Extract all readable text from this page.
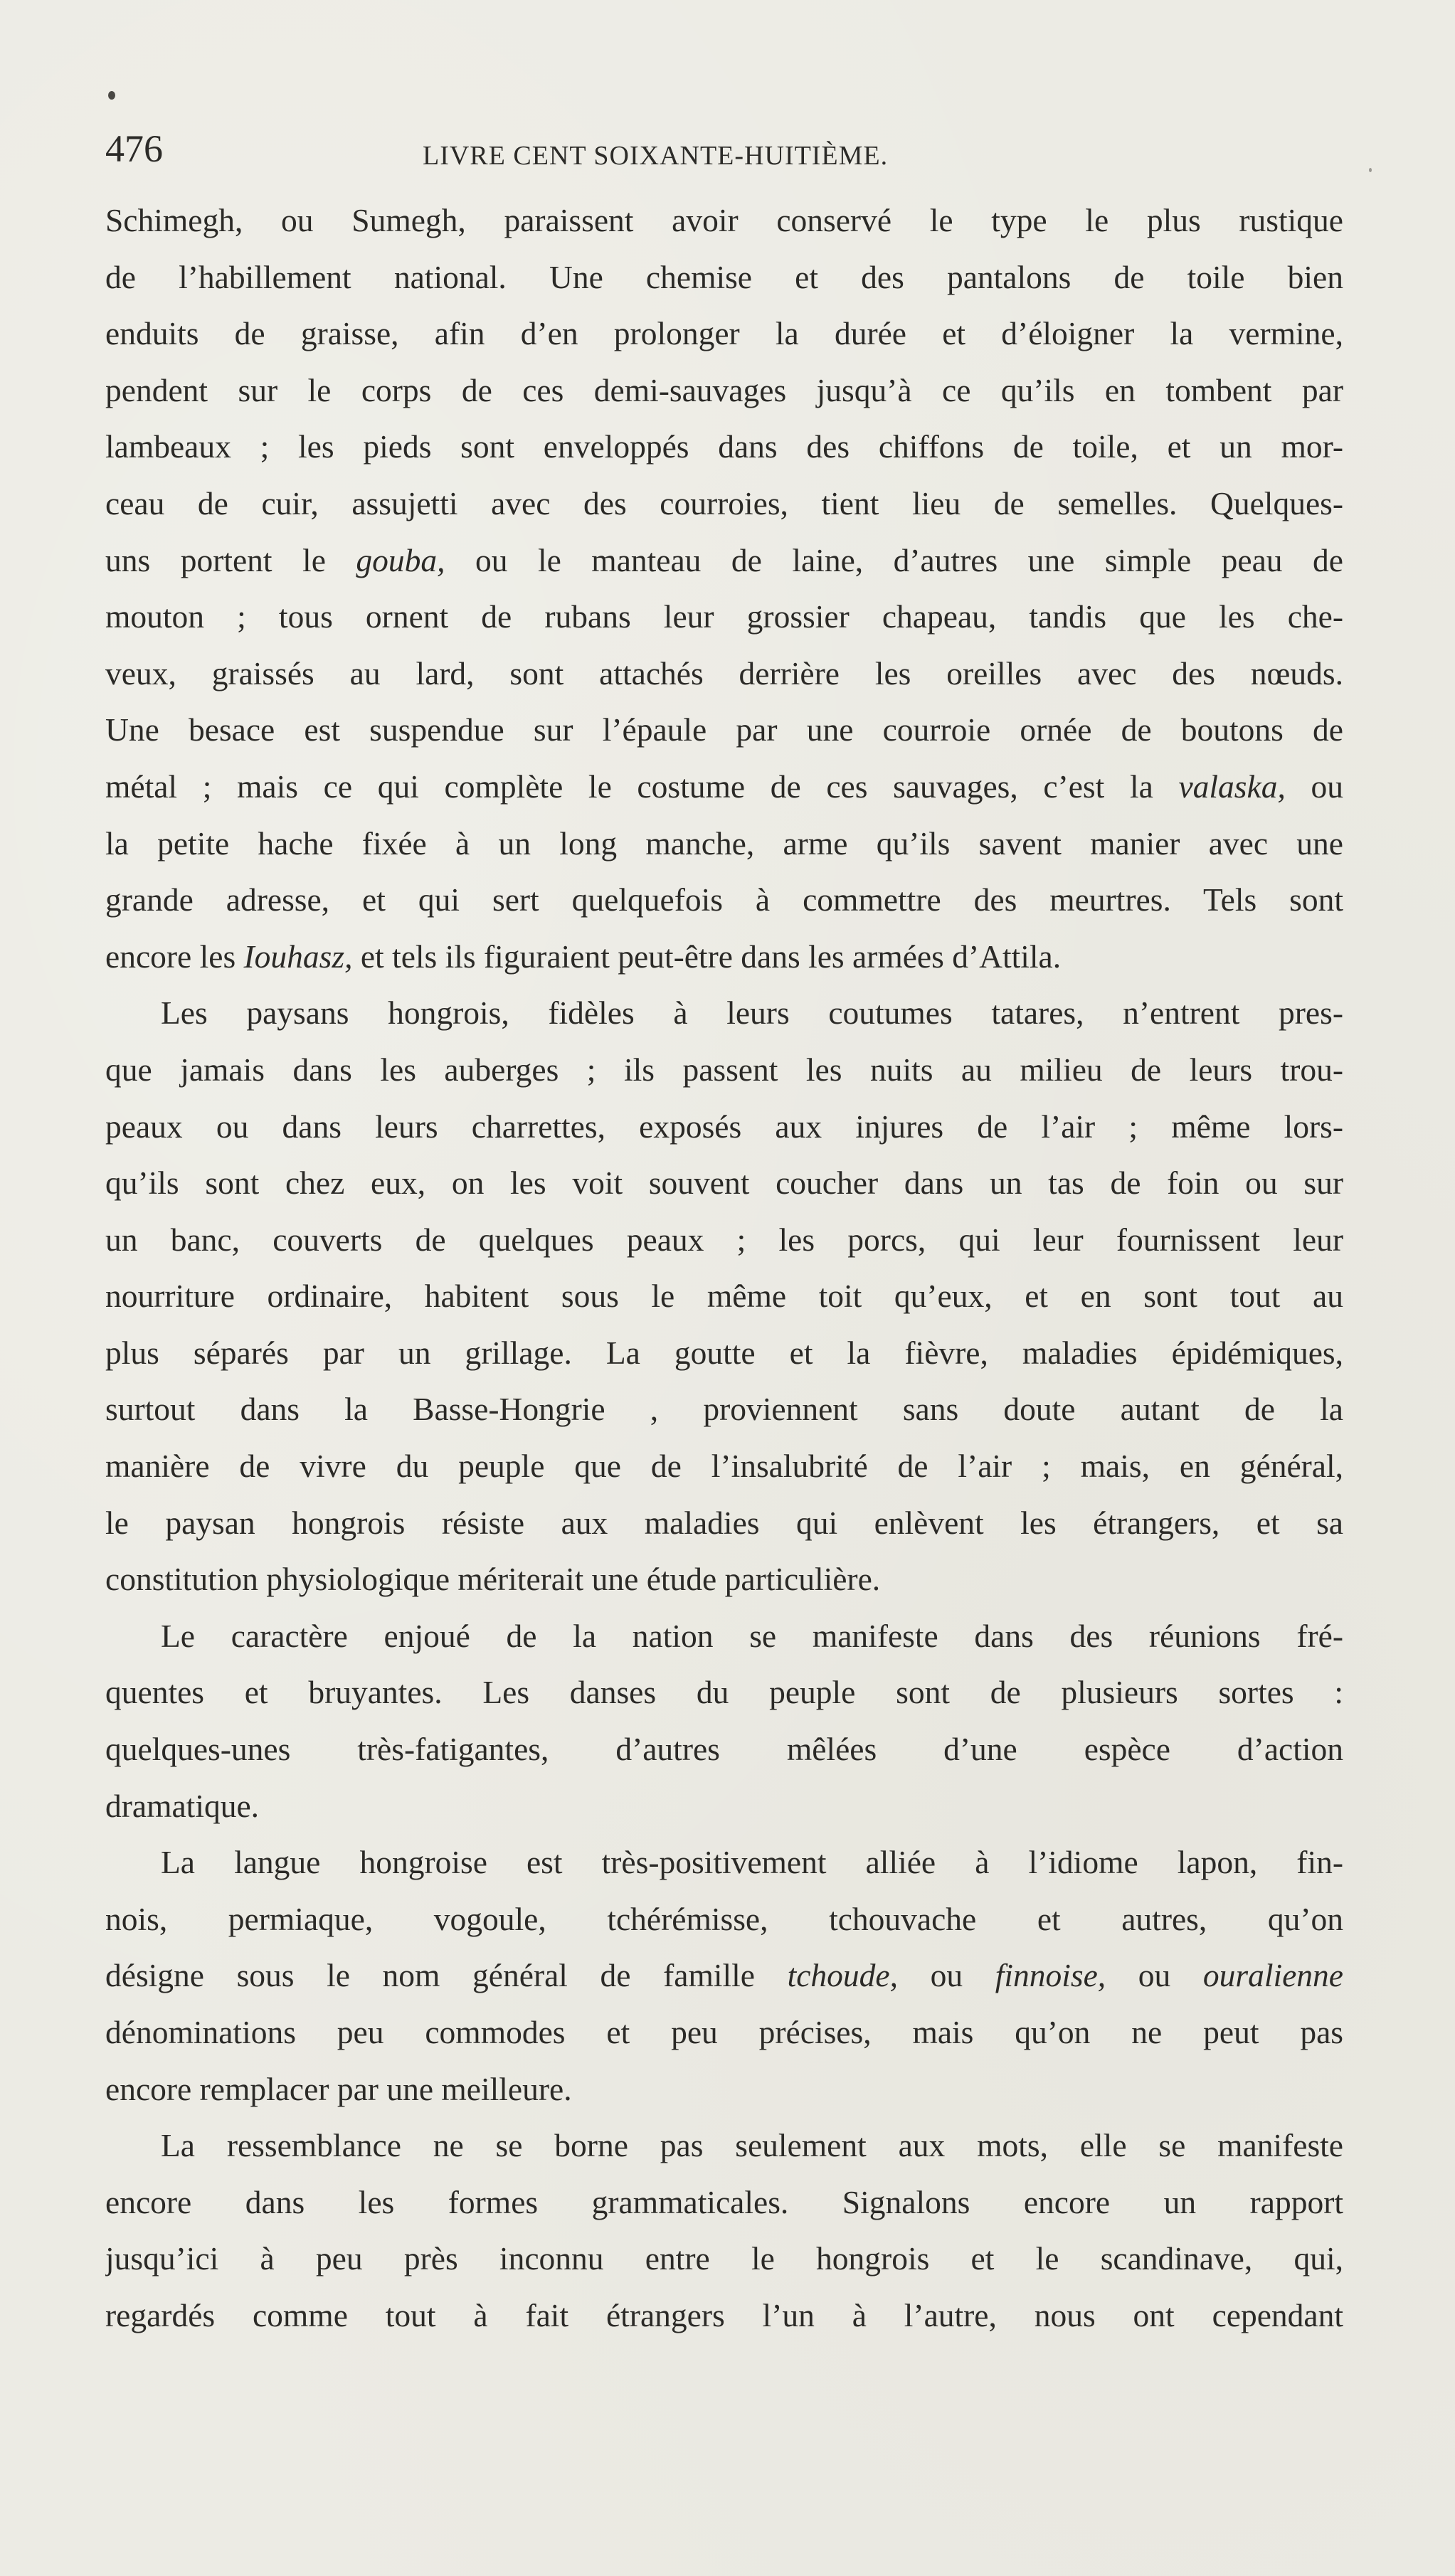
476	LIVRE CENT SOIXANTE-HUITIÈME.
Schimegh, ou Sumegh, paraissent avoir conservé le type le plus rustique
de l’habillement national. Une chemise et des pantalons de toile bien
enduits de graisse, afin d’en prolonger la durée et d’éloigner la vermine,
pendent sur le corps de ces demi-sauvages jusqu’à ce qu’ils en tombent par
lambeaux ; les pieds sont enveloppés dans des chiffons de toile, et un mor-
ceau de cuir, assujetti avec des courroies, tient lieu de semelles. Quelques-
uns portent le gouba, ou le manteau de laine, d’autres une simple peau de
mouton ; tous ornent de rubans leur grossier chapeau, tandis que les che-
veux, graissés au lard, sont attachés derrière les oreilles avec des nœuds.
Une besace est suspendue sur l’épaule par une courroie ornée de boutons de
métal ; mais ce qui complète le costume de ces sauvages, c’est la valaska, ou
la petite hache fixée à un long manche, arme qu’ils savent manier avec une
grande adresse, et qui sert quelquefois à commettre des meurtres. Tels sont
encore les Iouhasz, et tels ils figuraient peut-être dans les armées d’Attila.
Les paysans hongrois, fidèles à leurs coutumes tatares, n’entrent pres-
que jamais dans les auberges ; ils passent les nuits au milieu de leurs trou-
peaux ou dans leurs charrettes, exposés aux injures de l’air ; même lors-
qu’ils sont chez eux, on les voit souvent coucher dans un tas de foin ou sur
un banc, couverts de quelques peaux ; les porcs, qui leur fournissent leur
nourriture ordinaire, habitent sous le même toit qu’eux, et en sont tout au
plus séparés par un grillage. La goutte et la fièvre, maladies épidémiques,
surtout dans la Basse-Hongrie , proviennent sans doute autant de la
manière de vivre du peuple que de l’insalubrité de l’air ; mais, en général,
le paysan hongrois résiste aux maladies qui enlèvent les étrangers, et sa
constitution physiologique mériterait une étude particulière.
Le caractère enjoué de la nation se manifeste dans des réunions fré-
quentes et bruyantes. Les danses du peuple sont de plusieurs sortes :
quelques-unes très-fatigantes, d’autres mêlées d’une espèce d’action
dramatique.
La langue hongroise est très-positivement alliée à l’idiome lapon, fin-
nois, permiaque, vogoule, tchérémisse, tchouvache et autres, qu’on
désigne sous le nom général de famille tchoude, ou finnoise, ou ouralienne
dénominations peu commodes et peu précises, mais qu’on ne peut pas
encore remplacer par une meilleure.
La ressemblance ne se borne pas seulement aux mots, elle se manifeste
encore dans les formes grammaticales. Signalons encore un rapport
jusqu’ici à peu près inconnu entre le hongrois et le scandinave, qui,
regardés comme tout à fait étrangers l’un à l’autre, nous ont cependant
